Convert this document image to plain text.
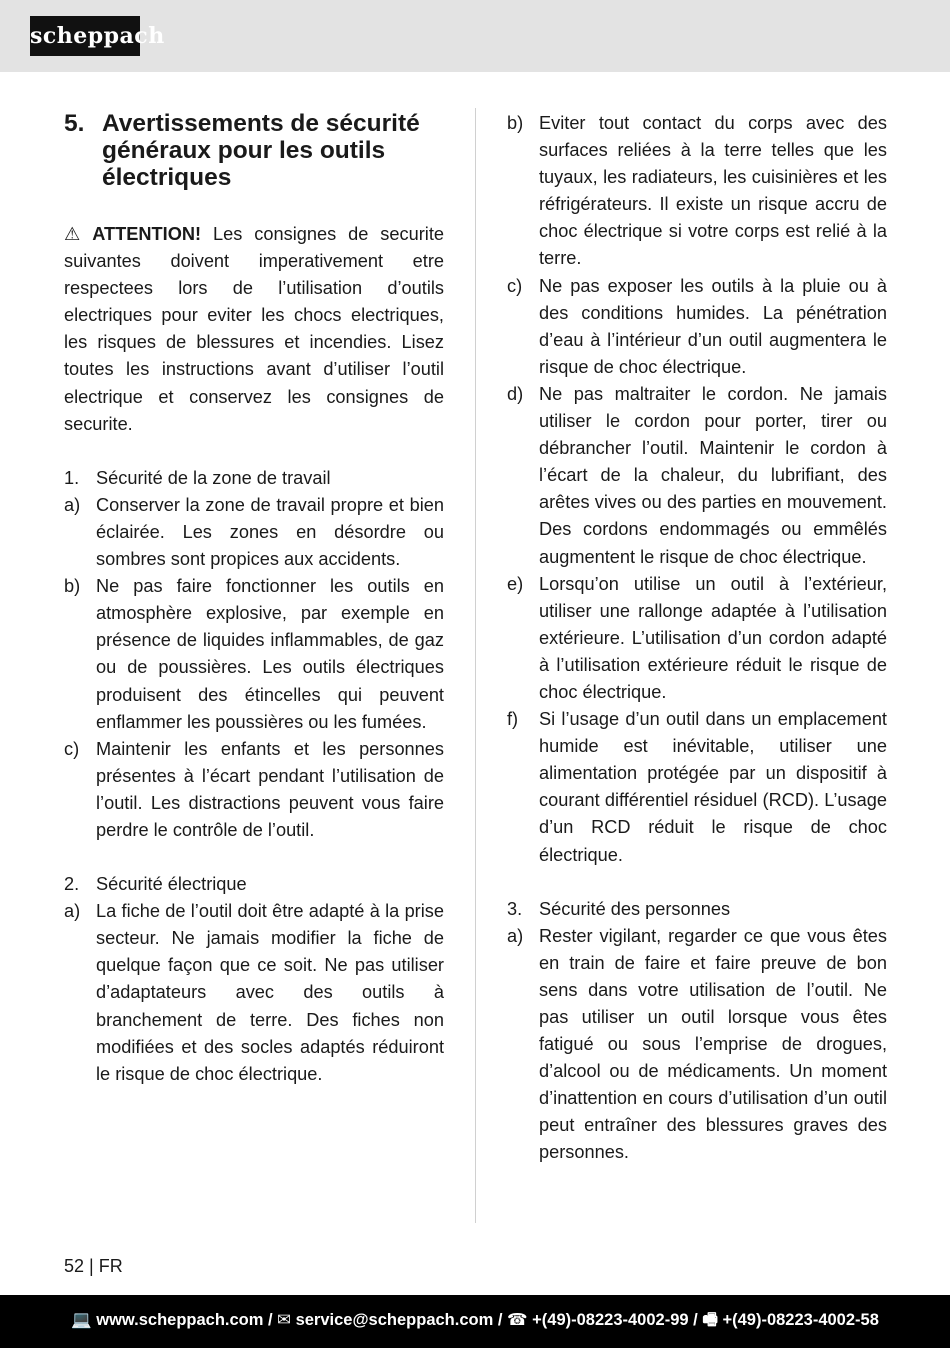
scheppach
5. Avertissements de sécurité généraux pour les outils électriques

⚠ ATTENTION! Les consignes de securite suivantes doivent imperativement etre respectees lors de l’utilisation d’outils electriques pour eviter les chocs electriques, les risques de blessures et incendies. Lisez toutes les instructions avant d’utiliser l’outil electrique et conservez les consignes de securite.

1. Sécurité de la zone de travail
a) Conserver la zone de travail propre et bien éclairée. Les zones en désordre ou sombres sont propices aux accidents.
b) Ne pas faire fonctionner les outils en atmosphère explosive, par exemple en présence de liquides inflammables, de gaz ou de poussières. Les outils électriques produisent des étincelles qui peuvent enflammer les poussières ou les fumées.
c) Maintenir les enfants et les personnes présentes à l’écart pendant l’utilisation de l’outil. Les distractions peuvent vous faire perdre le contrôle de l’outil.
2. Sécurité électrique
a) La fiche de l’outil doit être adapté à la prise secteur. Ne jamais modifier la fiche de quelque façon que ce soit. Ne pas utiliser d’adaptateurs avec des outils à branchement de terre. Des fiches non modifiées et des socles adaptés réduiront le risque de choc électrique.
b) Eviter tout contact du corps avec des surfaces reliées à la terre telles que les tuyaux, les radiateurs, les cuisinières et les réfrigérateurs. Il existe un risque accru de choc électrique si votre corps est relié à la terre.
c) Ne pas exposer les outils à la pluie ou à des conditions humides. La pénétration d’eau à l’intérieur d’un outil augmentera le risque de choc électrique.
d) Ne pas maltraiter le cordon. Ne jamais utiliser le cordon pour porter, tirer ou débrancher l’outil. Maintenir le cordon à l’écart de la chaleur, du lubrifiant, des arêtes vives ou des parties en mouvement. Des cordons endommagés ou emmêlés augmentent le risque de choc électrique.
e) Lorsqu’on utilise un outil à l’extérieur, utiliser une rallonge adaptée à l’utilisation extérieure. L’utilisation d’un cordon adapté à l’utilisation extérieure réduit le risque de choc électrique.
f)	Si l’usage d’un outil dans un emplacement humide est inévitable, utiliser une alimentation protégée par un dispositif à courant différentiel résiduel (RCD). L’usage d’un RCD réduit le risque de choc électrique.
3. Sécurité des personnes
a) Rester vigilant, regarder ce que vous êtes en train de faire et faire preuve de bon sens dans votre utilisation de l’outil. Ne pas utiliser un outil lorsque vous êtes fatigué ou sous l’emprise de drogues, d’alcool ou de médicaments. Un moment d’inattention en cours d’utilisation d’un outil peut entraîner des blessures graves des personnes.
52 | FR
💻 www.scheppach.com / ✉ service@scheppach.com / ☎ +(49)-08223-4002-99 / 🖷 +(49)-08223-4002-58
